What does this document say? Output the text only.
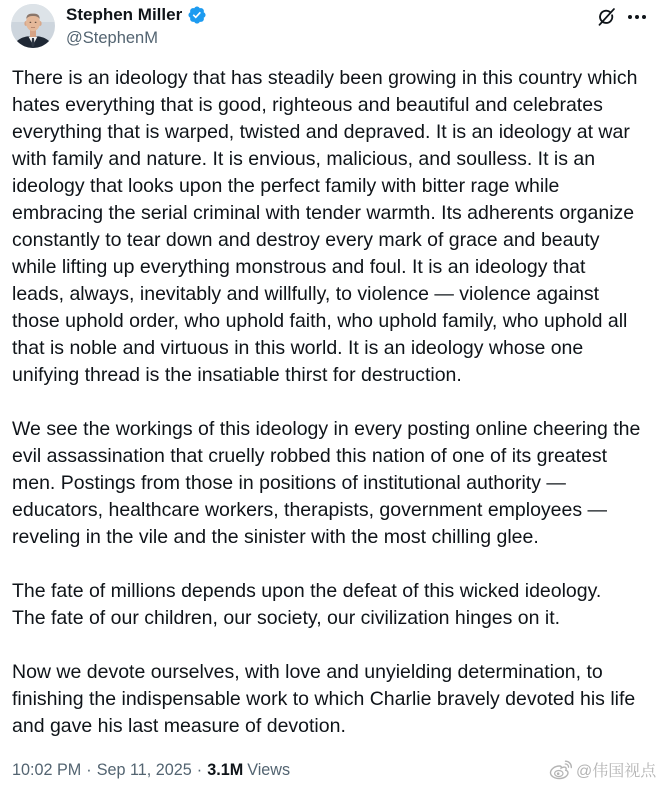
Stephen Miller
@StephenM
There is an ideology that has steadily been growing in this country which
hates everything that is good, righteous and beautiful and celebrates
everything that is warped, twisted and depraved. It is an ideology at war
with family and nature. It is envious, malicious, and soulless. It is an
ideology that looks upon the perfect family with bitter rage while
embracing the serial criminal with tender warmth. Its adherents organize
constantly to tear down and destroy every mark of grace and beauty
while lifting up everything monstrous and foul. It is an ideology that
leads, always, inevitably and willfully, to violence — violence against
those uphold order, who uphold faith, who uphold family, who uphold all
that is noble and virtuous in this world. It is an ideology whose one
unifying thread is the insatiable thirst for destruction.
We see the workings of this ideology in every posting online cheering the
evil assassination that cruelly robbed this nation of one of its greatest
men. Postings from those in positions of institutional authority —
educators, healthcare workers, therapists, government employees —
reveling in the vile and the sinister with the most chilling glee.
The fate of millions depends upon the defeat of this wicked ideology.
The fate of our children, our society, our civilization hinges on it.
Now we devote ourselves, with love and unyielding determination, to
finishing the indispensable work to which Charlie bravely devoted his life
and gave his last measure of devotion.
10:02 PM · Sep 11, 2025 · 3.1M Views	@伟国视点
